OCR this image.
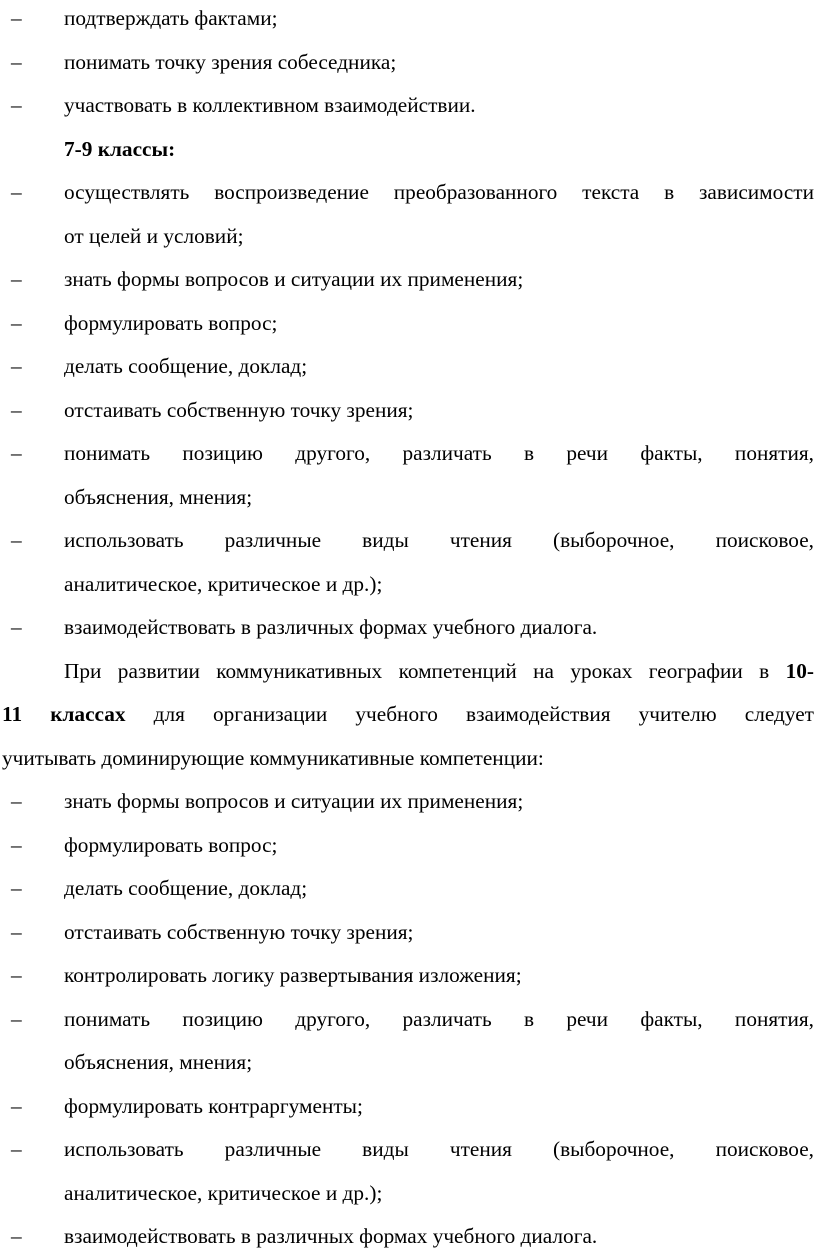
–	подтверждать фактами;
–	понимать точку зрения собеседника;
–	участвовать в коллективном взаимодействии.
7-9 классы:
–	осуществлять воспроизведение преобразованного текста в зависимости
от целей и условий;
–	знать формы вопросов и ситуации их применения;
–	формулировать вопрос;
–	делать сообщение, доклад;
–	отстаивать собственную точку зрения;
–	понимать позицию другого, различать в речи факты, понятия,
объяснения, мнения;
–	использовать различные виды чтения (выборочное, поисковое,
аналитическое, критическое и др.);
–	взаимодействовать в различных формах учебного диалога.
При развитии коммуникативных компетенций на уроках географии в 10-
11 классах для организации учебного взаимодействия учителю следует
учитывать доминирующие коммуникативные компетенции:
–	знать формы вопросов и ситуации их применения;
–	формулировать вопрос;
–	делать сообщение, доклад;
–	отстаивать собственную точку зрения;
–	контролировать логику развертывания изложения;
–	понимать позицию другого, различать в речи факты, понятия,
объяснения, мнения;
–	формулировать контраргументы;
–	использовать различные виды чтения (выборочное, поисковое,
аналитическое, критическое и др.);
–	взаимодействовать в различных формах учебного диалога.
